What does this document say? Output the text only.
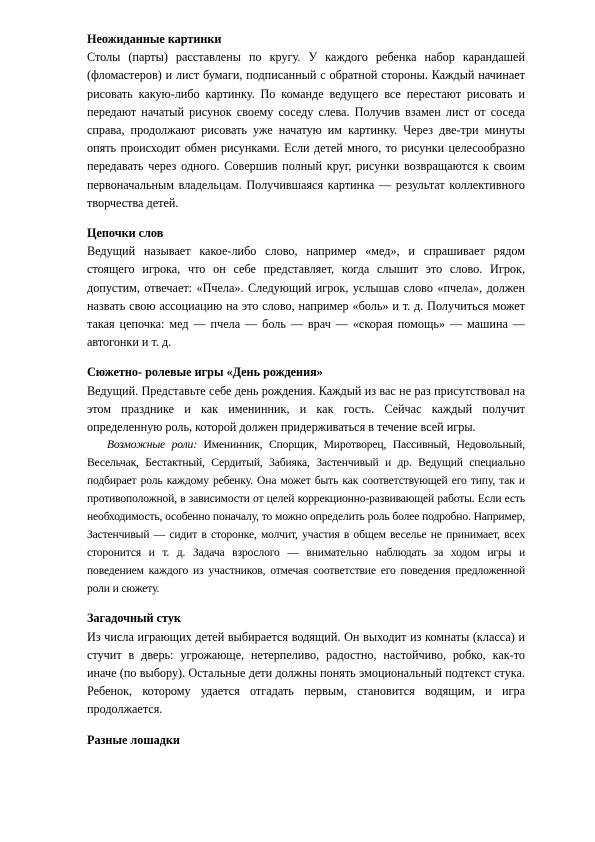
Неожиданные картинки

Столы (парты) расставлены по кругу. У каждого ребенка набор карандашей (фломастеров) и лист бумаги, подписанный с обратной стороны. Каждый начинает рисовать какую-либо картинку. По команде ведущего все перестают рисовать и передают начатый рисунок своему соседу слева. Получив взамен лист от соседа справа, продолжают рисовать уже начатую им картинку. Через две-три минуты опять происходит обмен рисунками. Если детей много, то рисунки целесообразно передавать через одного. Совершив полный круг, рисунки возвращаются к своим первоначальным владельцам. Получившаяся картинка — результат коллективного творчества детей.

Цепочки слов

Ведущий называет какое-либо слово, например «мед», и спрашивает рядом стоящего игрока, что он себе представляет, когда слышит это слово. Игрок, допустим, отвечает: «Пчела». Следующий игрок, услышав слово «пчела», должен назвать свою ассоциацию на это слово, например «боль» и т. д. Получиться может такая цепочка: мед — пчела — боль — врач — «скорая помощь» — машина — автогонки и т. д.

Сюжетно- ролевые игры «День рождения»

Ведущий. Представьте себе день рождения. Каждый из вас не раз присутствовал на этом празднике и как именинник, и как гость. Сейчас каждый получит определенную роль, которой должен придерживаться в течение всей игры.

Возможные роли: Именинник, Спорщик, Миротворец, Пассивный, Недовольный, Весельчак, Бестактный, Сердитый, Забияка, Застенчивый и др. Ведущий специально подбирает роль каждому ребенку. Она может быть как соответствующей его типу, так и противоположной, в зависимости от целей коррекционно-развивающей работы. Если есть необходимость, особенно поначалу, то можно определить роль более подробно. Например, Застенчивый — сидит в сторонке, молчит, участия в общем веселье не принимает, всех сторонится и т. д. Задача взрослого — внимательно наблюдать за ходом игры и поведением каждого из участников, отмечая соответствие его поведения предложенной роли и сюжету.

Загадочный стук

Из числа играющих детей выбирается водящий. Он выходит из комнаты (класса) и стучит в дверь: угрожающе, нетерпеливо, радостно, настойчиво, робко, как-то иначе (по выбору). Остальные дети должны понять эмоциональный подтекст стука. Ребенок, которому удается отгадать первым, становится водящим, и игра продолжается.

Разные лошадки
